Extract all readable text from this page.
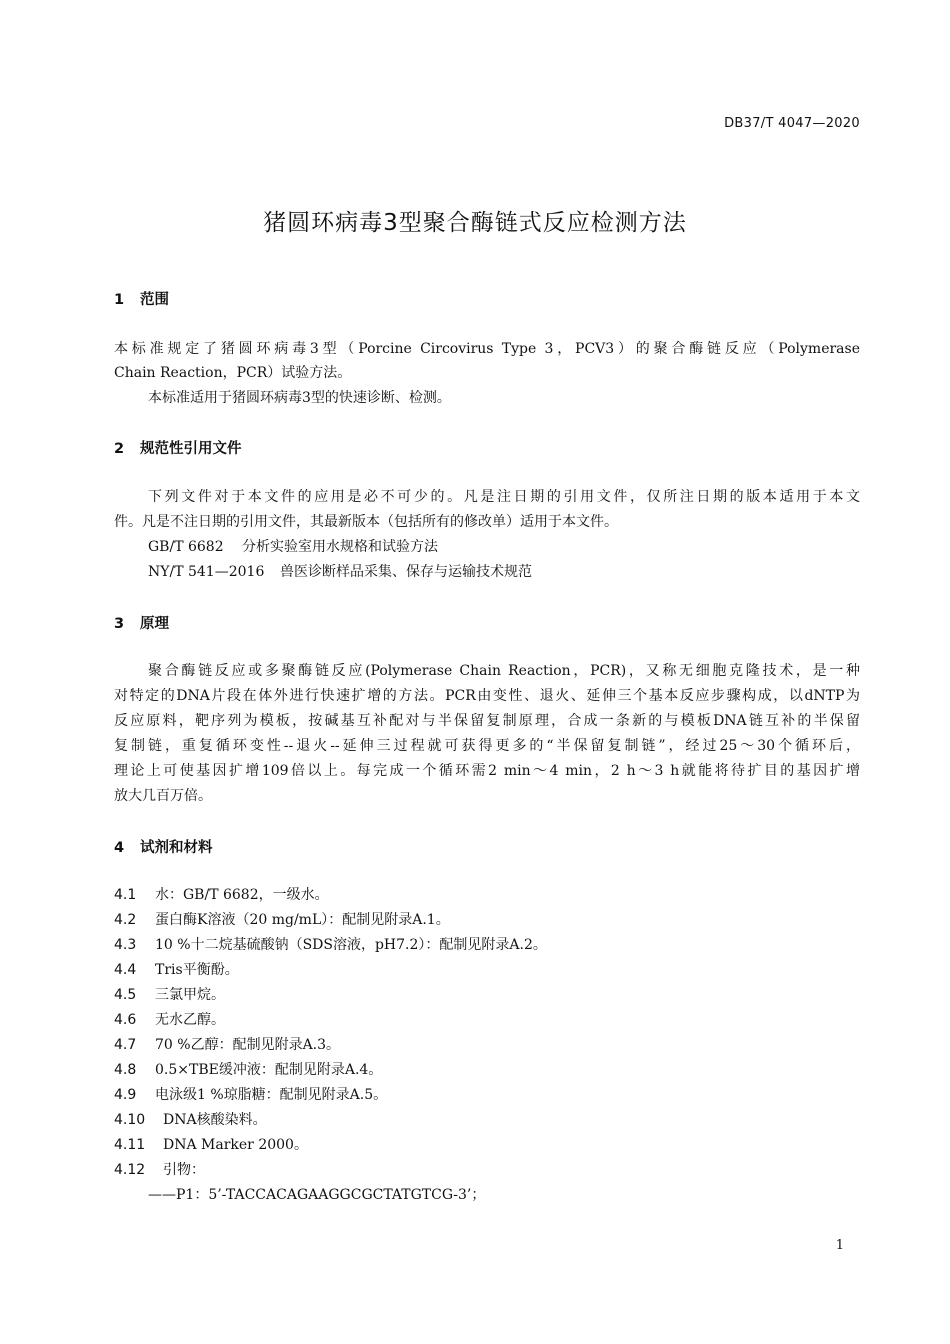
DB37/T 4047—2020
猪圆环病毒3型聚合酶链式反应检测方法
1 范围
本标准规定了猪圆环病毒3型（Porcine Circovirus Type 3，PCV3）的聚合酶链反应（Polymerase
Chain Reaction，PCR）试验方法。
本标准适用于猪圆环病毒3型的快速诊断、检测。
2 规范性引用文件
下列文件对于本文件的应用是必不可少的。凡是注日期的引用文件，仅所注日期的版本适用于本文
件。凡是不注日期的引用文件，其最新版本（包括所有的修改单）适用于本文件。
GB/T 6682 分析实验室用水规格和试验方法
NY/T 541—2016 兽医诊断样品采集、保存与运输技术规范
3 原理
聚合酶链反应或多聚酶链反应(Polymerase Chain Reaction，PCR)，又称无细胞克隆技术，是一种
对特定的DNA片段在体外进行快速扩增的方法。PCR由变性、退火、延伸三个基本反应步骤构成，以dNTP为
反应原料，靶序列为模板，按碱基互补配对与半保留复制原理，合成一条新的与模板DNA链互补的半保留
复制链，重复循环变性--退火--延伸三过程就可获得更多的“半保留复制链”，经过25～30个循环后，
理论上可使基因扩增109倍以上。每完成一个循环需2 min～4 min，2 h～3 h就能将待扩目的基因扩增
放大几百万倍。
4 试剂和材料
4.1 水：GB/T 6682，一级水。
4.2 蛋白酶K溶液（20 mg/mL）：配制见附录A.1。
4.3 10 %十二烷基硫酸钠（SDS溶液，pH7.2）：配制见附录A.2。
4.4 Tris平衡酚。
4.5 三氯甲烷。
4.6 无水乙醇。
4.7 70 %乙醇：配制见附录A.3。
4.8 0.5×TBE缓冲液：配制见附录A.4。
4.9 电泳级1 %琼脂糖：配制见附录A.5。
4.10 DNA核酸染料。
4.11 DNA Marker 2000。
4.12 引物：
——P1：5’-TACCACAGAAGGCGCTATGTCG-3’；
1
